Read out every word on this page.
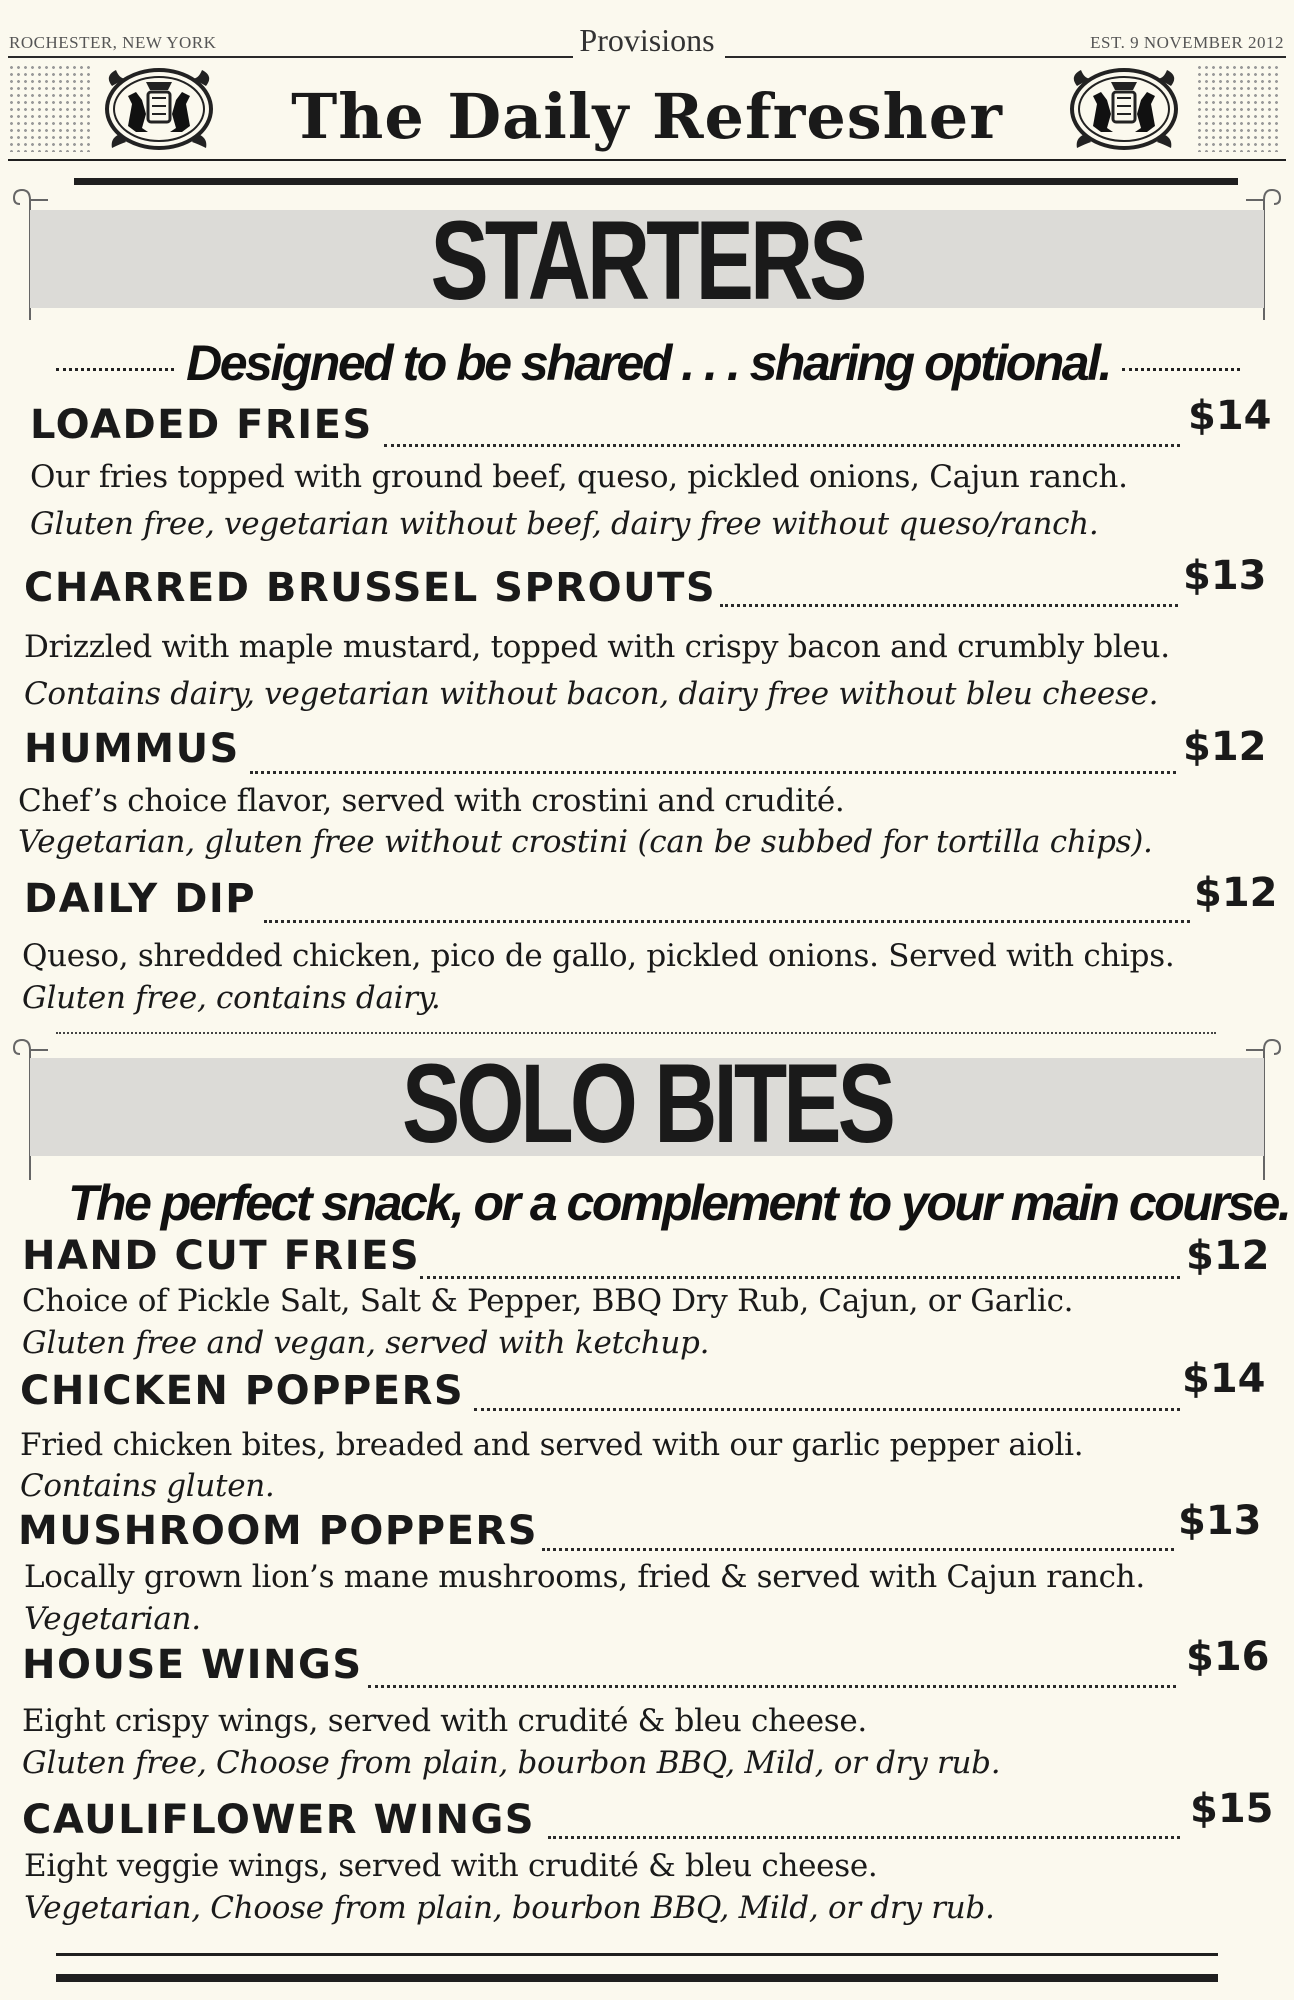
ROCHESTER, NEW YORK	EST. 9 NOVEMBER 2012
Provisions
The Daily Refresher
STARTERS
Designed to be shared . . . sharing optional.
LOADED FRIES	$14
Our fries topped with ground beef, queso, pickled onions, Cajun ranch.
Gluten free, vegetarian without beef, dairy free without queso/ranch.
CHARRED BRUSSEL SPROUTS	$13
Drizzled with maple mustard, topped with crispy bacon and crumbly bleu.
Contains dairy, vegetarian without bacon, dairy free without bleu cheese.
HUMMUS	$12
Chef’s choice flavor, served with crostini and crudité.
Vegetarian, gluten free without crostini (can be subbed for tortilla chips).
DAILY DIP	$12
Queso, shredded chicken, pico de gallo, pickled onions. Served with chips.
Gluten free, contains dairy.
SOLO BITES
The perfect snack, or a complement to your main course.
HAND CUT FRIES	$12
Choice of Pickle Salt, Salt & Pepper, BBQ Dry Rub, Cajun, or Garlic.
Gluten free and vegan, served with ketchup.
CHICKEN POPPERS	$14
Fried chicken bites, breaded and served with our garlic pepper aioli.
Contains gluten.
MUSHROOM POPPERS	$13
Locally grown lion’s mane mushrooms, fried & served with Cajun ranch.
Vegetarian.
HOUSE WINGS	$16
Eight crispy wings, served with crudité & bleu cheese.
Gluten free, Choose from plain, bourbon BBQ, Mild, or dry rub.
CAULIFLOWER WINGS	$15
Eight veggie wings, served with crudité & bleu cheese.
Vegetarian, Choose from plain, bourbon BBQ, Mild, or dry rub.
